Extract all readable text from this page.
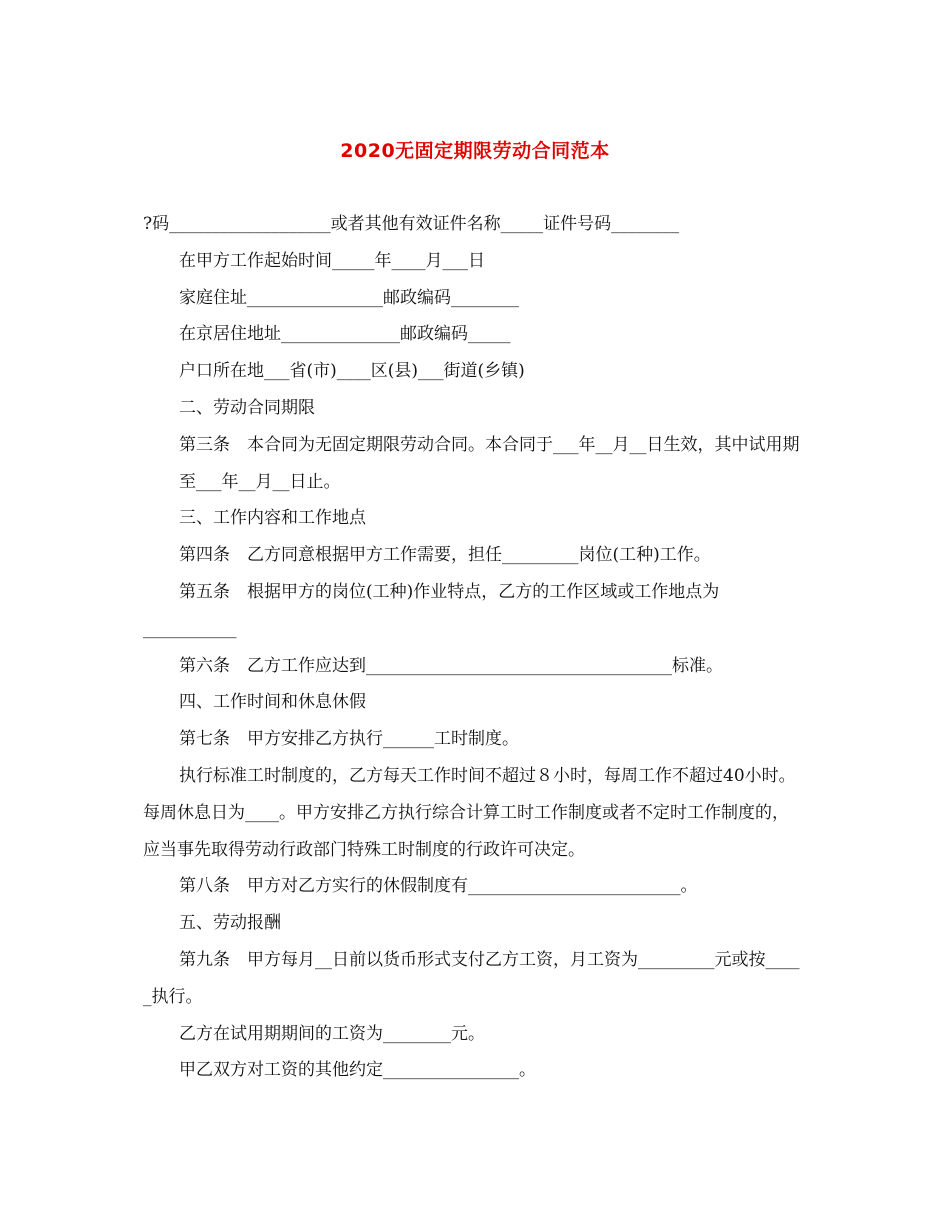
2020无固定期限劳动合同范本

?码___________________或者其他有效证件名称_____证件号码________

在甲方工作起始时间_____年____月___日

家庭住址________________邮政编码________

在京居住地址______________邮政编码_____

户口所在地___省(市)____区(县)___街道(乡镇)

二、劳动合同期限

第三条　本合同为无固定期限劳动合同。本合同于___年__月__日生效，其中试用期至___年__月__日止。

三、工作内容和工作地点

第四条　乙方同意根据甲方工作需要，担任_________岗位(工种)工作。

第五条　根据甲方的岗位(工种)作业特点，乙方的工作区域或工作地点为

___________

第六条　乙方工作应达到____________________________________标准。

四、工作时间和休息休假

第七条　甲方安排乙方执行______工时制度。

执行标准工时制度的，乙方每天工作时间不超过８小时，每周工作不超过40小时。每周休息日为____。甲方安排乙方执行综合计算工时工作制度或者不定时工作制度的，应当事先取得劳动行政部门特殊工时制度的行政许可决定。

第八条　甲方对乙方实行的休假制度有_________________________。

五、劳动报酬

第九条　甲方每月__日前以货币形式支付乙方工资，月工资为_________元或按_____执行。

乙方在试用期期间的工资为________元。

甲乙双方对工资的其他约定________________。
